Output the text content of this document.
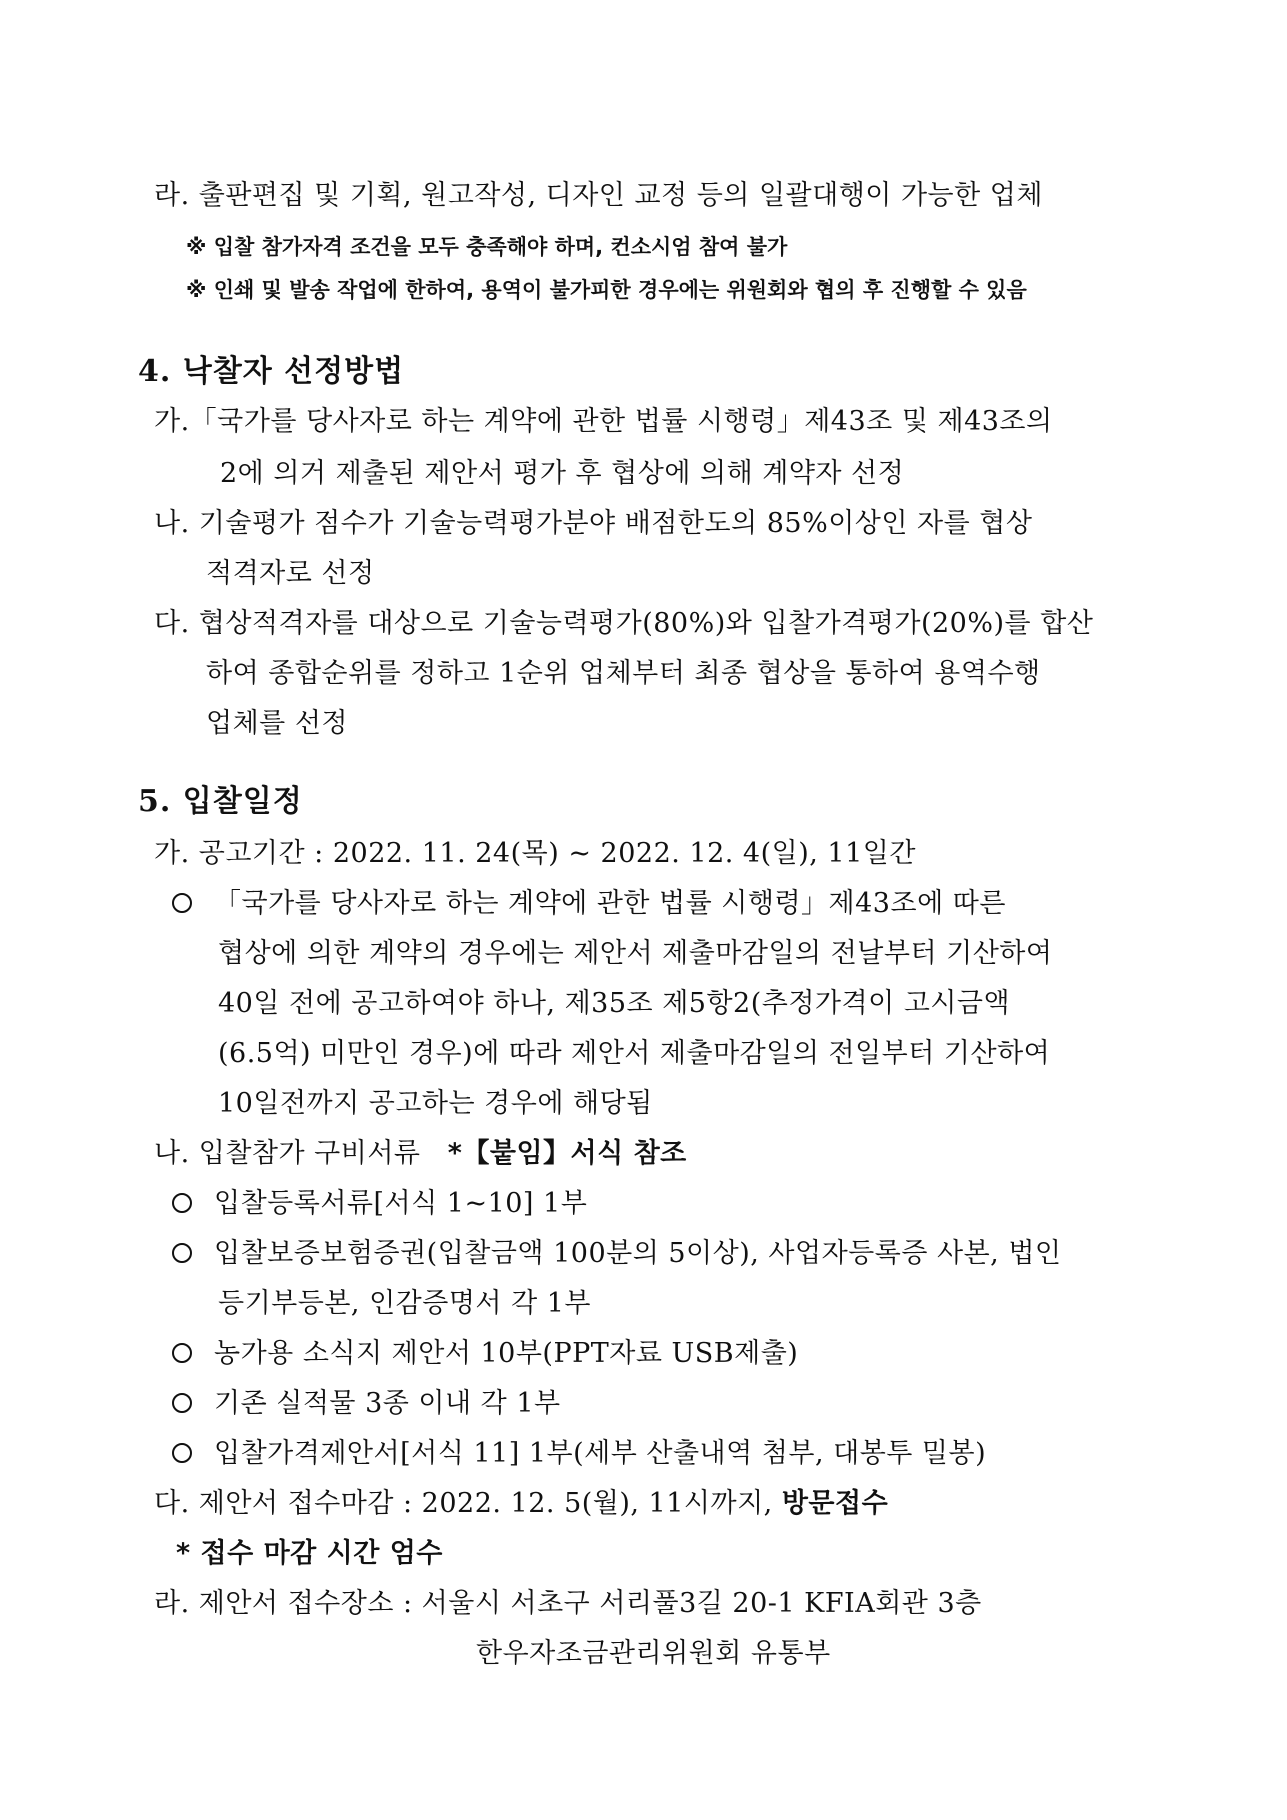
라. 출판편집 및 기획, 원고작성, 디자인 교정 등의 일괄대행이 가능한 업체
※ 입찰 참가자격 조건을 모두 충족해야 하며, 컨소시엄 참여 불가
※ 인쇄 및 발송 작업에 한하여, 용역이 불가피한 경우에는 위원회와 협의 후 진행할 수 있음
4. 낙찰자 선정방법
가.「국가를 당사자로 하는 계약에 관한 법률 시행령」제43조 및 제43조의
2에 의거 제출된 제안서 평가 후 협상에 의해 계약자 선정
나. 기술평가 점수가 기술능력평가분야 배점한도의 85%이상인 자를 협상
적격자로 선정
다. 협상적격자를 대상으로 기술능력평가(80%)와 입찰가격평가(20%)를 합산
하여 종합순위를 정하고 1순위 업체부터 최종 협상을 통하여 용역수행
업체를 선정
5. 입찰일정
가. 공고기간 : 2022. 11. 24(목) ~ 2022. 12. 4(일), 11일간
「국가를 당사자로 하는 계약에 관한 법률 시행령」제43조에 따른
협상에 의한 계약의 경우에는 제안서 제출마감일의 전날부터 기산하여
40일 전에 공고하여야 하나, 제35조 제5항2(추정가격이 고시금액
(6.5억) 미만인 경우)에 따라 제안서 제출마감일의 전일부터 기산하여
10일전까지 공고하는 경우에 해당됨
나. 입찰참가 구비서류 *【붙임】서식 참조
입찰등록서류[서식 1~10] 1부
입찰보증보험증권(입찰금액 100분의 5이상), 사업자등록증 사본, 법인
등기부등본, 인감증명서 각 1부
농가용 소식지 제안서 10부(PPT자료 USB제출)
기존 실적물 3종 이내 각 1부
입찰가격제안서[서식 11] 1부(세부 산출내역 첨부, 대봉투 밀봉)
다. 제안서 접수마감 : 2022. 12. 5(월), 11시까지, 방문접수
* 접수 마감 시간 엄수
라. 제안서 접수장소 : 서울시 서초구 서리풀3길 20-1 KFIA회관 3층
한우자조금관리위원회 유통부
